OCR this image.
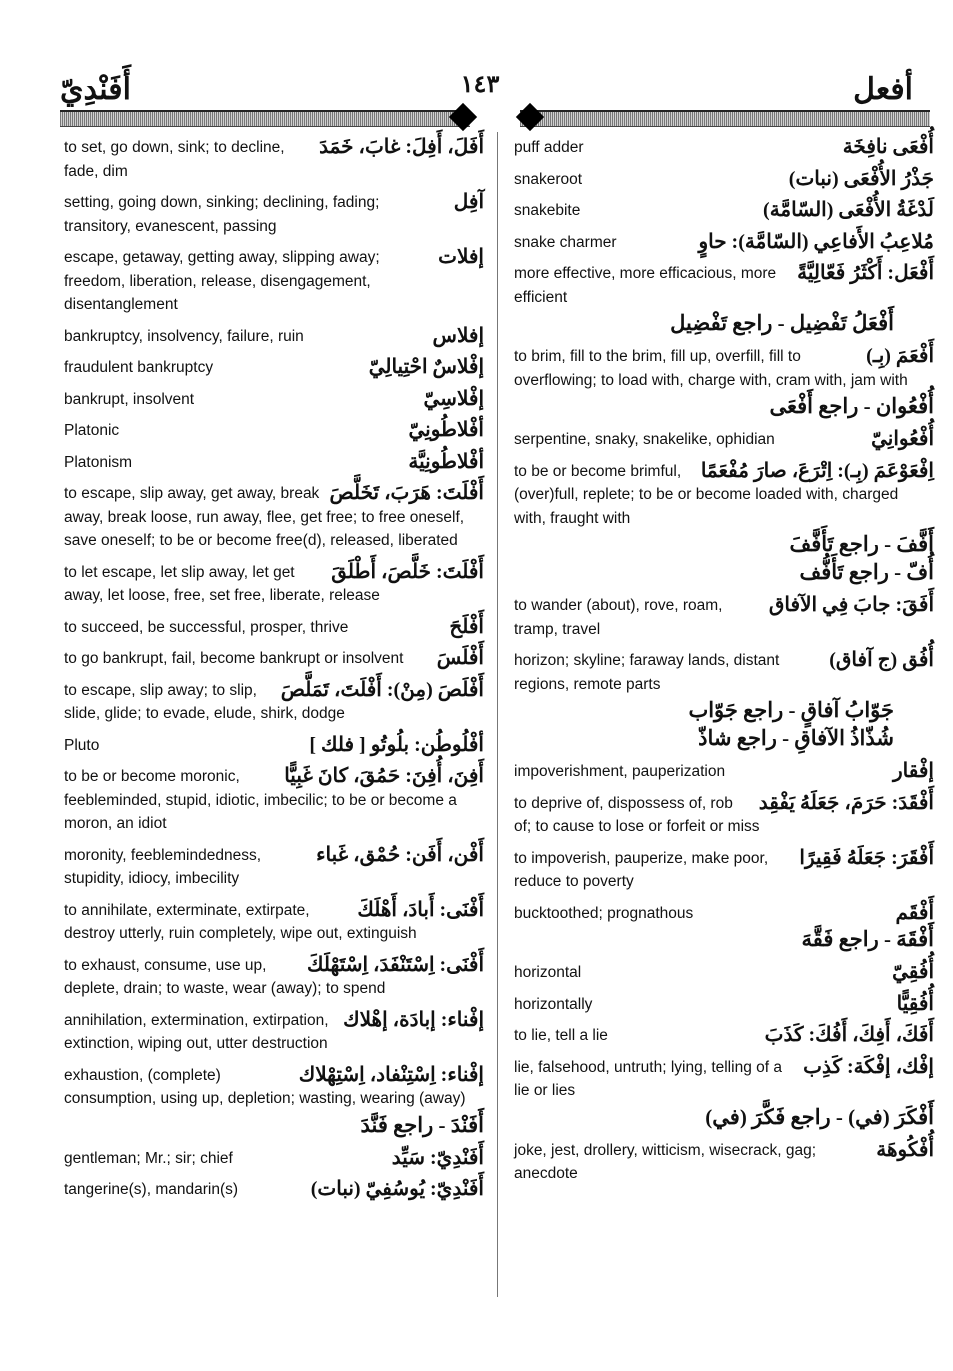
أَفَنْدِيّ	١٤٣	أفعل
أَفَلَ، أَفِلَ: غابَ، خَمَدَ
to set, go down, sink; to decline, fade, dim
آفِل
setting, going down, sinking; declining, fading; transitory, evanescent, passing
إفلات
escape, getaway, getting away, slipping away; freedom, liberation, release, disengagement, disentanglement
إفلاس
bankruptcy, insolvency, failure, ruin
إفْلاسٌ احْتِيالِيّ
fraudulent bankruptcy
إفْلاسِيّ
bankrupt, insolvent
أفْلاطُونِيّ
Platonic
أفْلاطُونِيَّة
Platonism
أَفْلَتَ: هَرَبَ، تَخَلَّصَ
to escape, slip away, get away, break away, break loose, run away, flee, get free; to free oneself, save oneself; to be or become free(d), released, liberated
أَفْلَتَ: خَلَّصَ، أَطْلَقَ
to let escape, let slip away, let get away, let loose, free, set free, liberate, release
أَفْلَحَ
to succeed, be successful, prosper, thrive
أَفْلَسَ
to go bankrupt, fail, become bankrupt or insolvent
أَفْلَصَ (مِنْ): أَفْلَتَ، تَمَلَّصَ
to escape, slip away; to slip, slide, glide; to evade, elude, shirk, dodge
أفْلُوطُن: بلُوتُو [ فلك ]
Pluto
أَفِنَ، أُفِنَ: حَمُقَ، كانَ غَبِيًّا
to be or become moronic, feebleminded, stupid, idiotic, imbecilic; to be or become a moron, an idiot
أَفْن، أَفَن: حُمْق، غَباء
moronity, feeblemindedness, stupidity, idiocy, imbecility
أَفْنَى: أَبادَ، أَهْلَكَ
to annihilate, exterminate, extirpate, destroy utterly, ruin completely, wipe out, extinguish
أَفْنَى: اِسْتَنْفَدَ، اِسْتَهْلَكَ
to exhaust, consume, use up, deplete, drain; to waste, wear (away); to spend
إفْناء: إبادَة، إهْلاك
annihilation, extermination, extirpation, extinction, wiping out, utter destruction
إفْناء: اِسْتِنْفاد، اِسْتِهْلاك
exhaustion, (complete) consumption, using up, depletion; wasting, wearing (away)
أَفَنْدَ - راجع فَنَّدَ
أَفَنْدِيّ: سَيِّد
gentleman; Mr.; sir; chief
أَفَنْدِيّ: يُوسُفِيّ (نبات)
tangerine(s), mandarin(s)
أُفْعَى نافِخَة
puff adder
جَذْرُ الأُفْعَى (نبات)
snakeroot
لَدْغَةُ الأُفْعَى (السّامَّة)
snakebite
مُلاعِبُ الأَفاعِي (السّامَّة): حاوٍ
snake charmer
أَفْعَل: أَكْثَرُ فَعّالِيَّةً
more effective, more efficacious, more efficient
أَفْعَلُ تَفْضِيل - راجع تَفْضِيل
أَفْعَمَ (بِـ)
to brim, fill to the brim, fill up, overfill, fill to overflowing; to load with, charge with, cram with, jam with
أُفْعُوان - راجع أَفْعَى
أُفْعُوانِيّ
serpentine, snaky, snakelike, ophidian
اِفْعَوْعَمَ (بِـ): اِتْرَعَ، صارَ مُفْعَمًا
to be or become brimful, (over)full, replete; to be or become loaded with, charged with, fraught with
أَفَّفَ - راجع تَأَفَّفَ
أُفّ - راجع تَأَفُّف
أَفَقَ: جابَ فِي الآفاق
to wander (about), rove, roam, tramp, travel
أُفُق (ج آفاق)
horizon; skyline; faraway lands, distant regions, remote parts
جَوّابُ آفاقٍ - راجع جَوّاب
شُذّاذُ الآفاقِ - راجع شاذّ
إفْقار
impoverishment, pauperization
أَفْقَدَ: حَرَمَ، جَعَلَهُ يَفْقِد
to deprive of, dispossess of, rob of; to cause to lose or forfeit or miss
أَفْقَرَ: جَعَلَهُ فَقِيرًا
to impoverish, pauperize, make poor, reduce to poverty
أَفْقَم
bucktoothed; prognathous
أَفْقَهَ - راجع فَقَّهَ
أُفُقِيّ
horizontal
أُفُقِيًّا
horizontally
أَفَكَ، أَفِكَ، أَفُكَ: كَذَبَ
to lie, tell a lie
إفْك، إفْكَة: كَذِب
lie, falsehood, untruth; lying, telling of a lie or lies
أَفْكَرَ (في) - راجع فَكَّرَ (في)
أُفْكُوهَة
joke, jest, drollery, witticism, wisecrack, gag; anecdote
